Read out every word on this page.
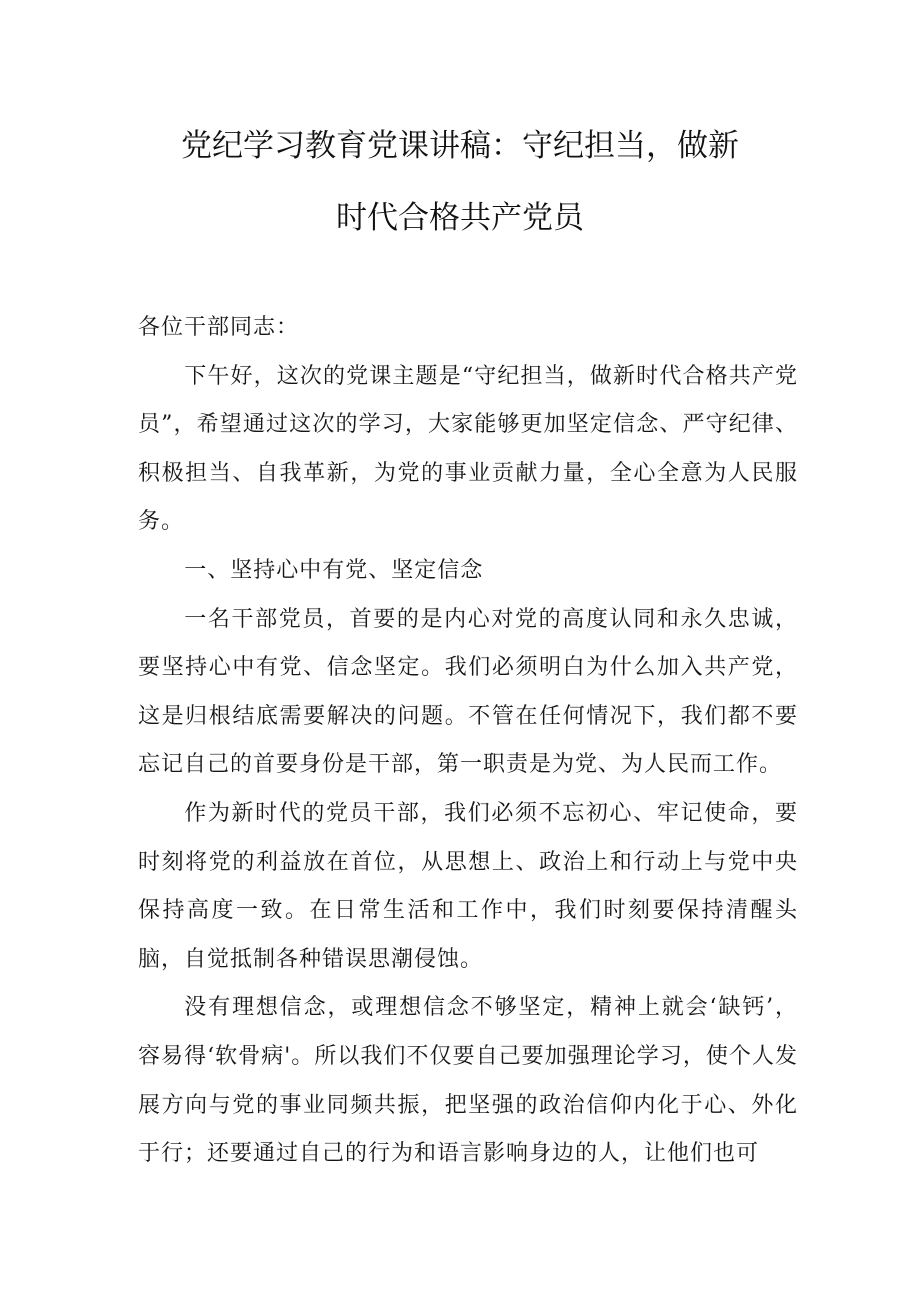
党纪学习教育党课讲稿：守纪担当，做新
时代合格共产党员

各位干部同志：

下午好，这次的党课主题是“守纪担当，做新时代合格共产党员”，希望通过这次的学习，大家能够更加坚定信念、严守纪律、积极担当、自我革新，为党的事业贡献力量，全心全意为人民服务。

一、坚持心中有党、坚定信念

一名干部党员，首要的是内心对党的高度认同和永久忠诚，要坚持心中有党、信念坚定。我们必须明白为什么加入共产党，这是归根结底需要解决的问题。不管在任何情况下，我们都不要忘记自己的首要身份是干部，第一职责是为党、为人民而工作。

作为新时代的党员干部，我们必须不忘初心、牢记使命，要时刻将党的利益放在首位，从思想上、政治上和行动上与党中央保持高度一致。在日常生活和工作中，我们时刻要保持清醒头脑，自觉抵制各种错误思潮侵蚀。

没有理想信念，或理想信念不够坚定，精神上就会‘缺钙’，容易得‘软骨病'。所以我们不仅要自己要加强理论学习，使个人发展方向与党的事业同频共振，把坚强的政治信仰内化于心、外化于行；还要通过自己的行为和语言影响身边的人，让他们也可
